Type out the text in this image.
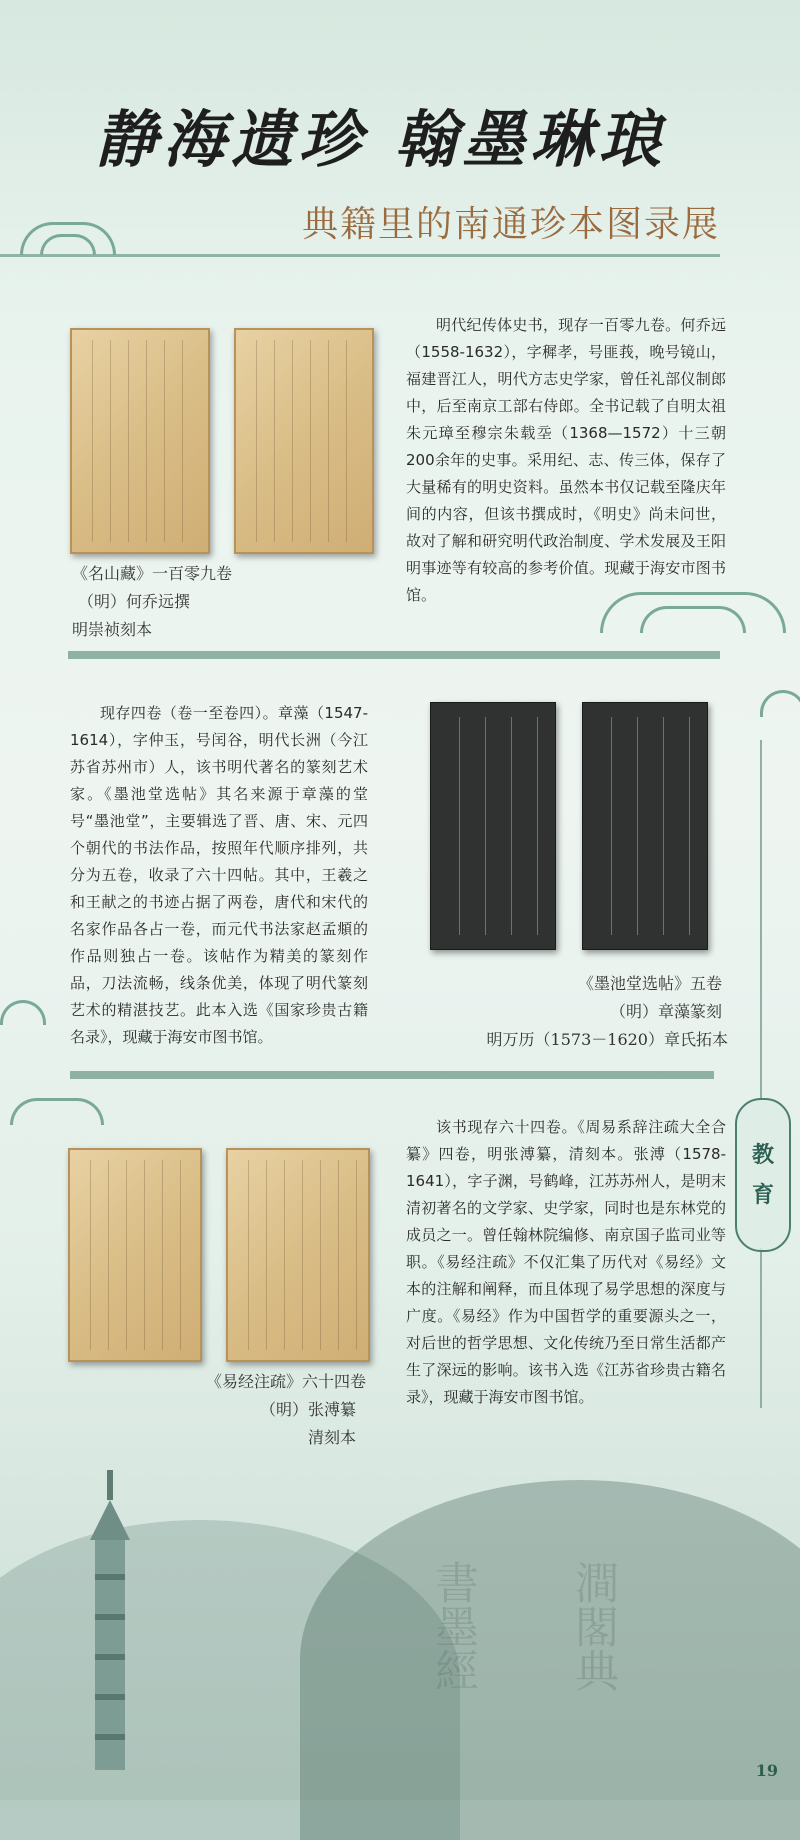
書墨經 澗閣典
静海遗珍 翰墨琳琅
典籍里的南通珍本图录展
《名山藏》一百零九卷
（明）何乔远撰
明崇祯刻本
明代纪传体史书，现存一百零九卷。何乔远（1558-1632），字穉孝，号匪莪，晚号镜山，福建晋江人，明代方志史学家，曾任礼部仪制郎中，后至南京工部右侍郎。全书记载了自明太祖朱元璋至穆宗朱载坖（1368—1572）十三朝200余年的史事。采用纪、志、传三体，保存了大量稀有的明史资料。虽然本书仅记载至隆庆年间的内容，但该书撰成时，《明史》尚未问世，故对了解和研究明代政治制度、学术发展及王阳明事迹等有较高的参考价值。现藏于海安市图书馆。
现存四卷（卷一至卷四）。章藻（1547-1614），字仲玉，号闰谷，明代长洲（今江苏省苏州市）人，该书明代著名的篆刻艺术家。《墨池堂选帖》其名来源于章藻的堂号“墨池堂”，主要辑选了晋、唐、宋、元四个朝代的书法作品，按照年代顺序排列，共分为五卷，收录了六十四帖。其中，王羲之和王献之的书迹占据了两卷，唐代和宋代的名家作品各占一卷，而元代书法家赵孟頫的作品则独占一卷。该帖作为精美的篆刻作品，刀法流畅，线条优美，体现了明代篆刻艺术的精湛技艺。此本入选《国家珍贵古籍名录》，现藏于海安市图书馆。
《墨池堂选帖》五卷
（明）章藻篆刻
明万历（1573－1620）章氏拓本
《易经注疏》六十四卷
（明）张溥纂
清刻本
该书现存六十四卷。《周易系辞注疏大全合纂》四卷，明张溥纂，清刻本。张溥（1578-1641），字子渊，号鹤峰，江苏苏州人，是明末清初著名的文学家、史学家，同时也是东林党的成员之一。曾任翰林院编修、南京国子监司业等职。《易经注疏》不仅汇集了历代对《易经》文本的注解和阐释，而且体现了易学思想的深度与广度。《易经》作为中国哲学的重要源头之一，对后世的哲学思想、文化传统乃至日常生活都产生了深远的影响。该书入选《江苏省珍贵古籍名录》，现藏于海安市图书馆。
教
育
19
